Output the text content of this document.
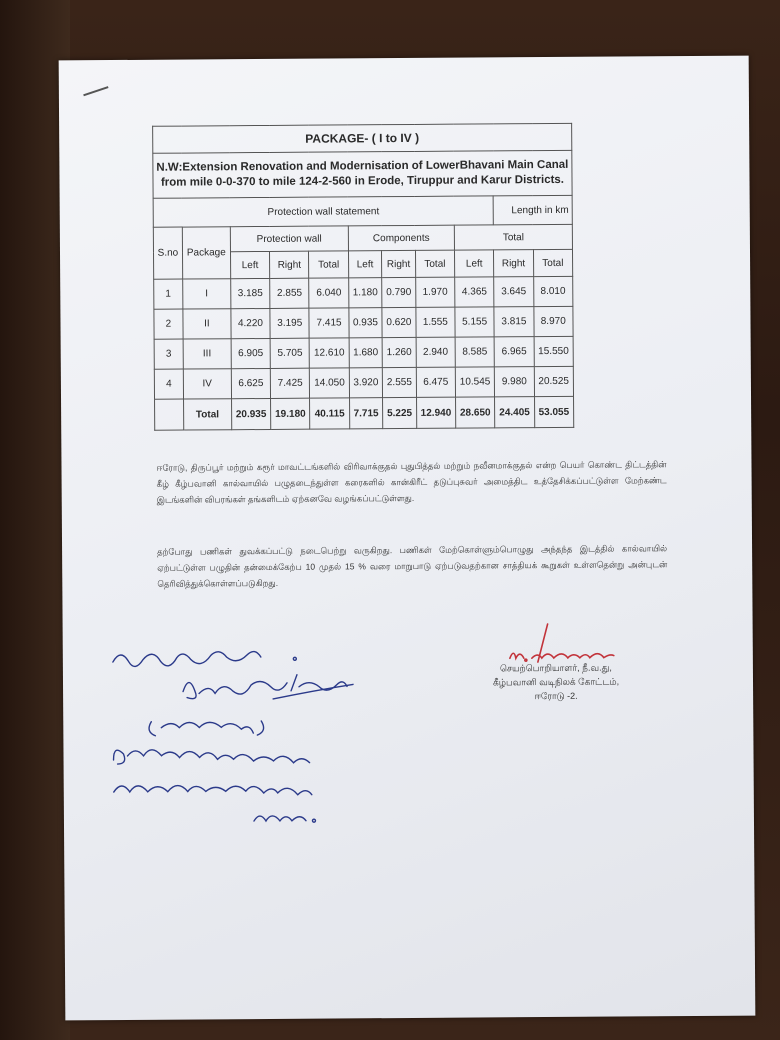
PACKAGE- ( I to IV )										
N.W:Extension Renovation and Modernisation of LowerBhavani Main Canal
from mile 0-0-370 to mile 124-2-560 in Erode, Tiruppur and Karur Districts.										
Protection wall statement									Length in km	
S.no	Package	Protection wall			Components			Total		
		Left	Right	Total	Left	Right	Total	Left	Right	Total
1	I	3.185	2.855	6.040	1.180	0.790	1.970	4.365	3.645	8.010
2	II	4.220	3.195	7.415	0.935	0.620	1.555	5.155	3.815	8.970
3	III	6.905	5.705	12.610	1.680	1.260	2.940	8.585	6.965	15.550
4	IV	6.625	7.425	14.050	3.920	2.555	6.475	10.545	9.980	20.525
	Total	20.935	19.180	40.115	7.715	5.225	12.940	28.650	24.405	53.055
ஈரோடு, திருப்பூர் மற்றும் கரூர் மாவட்டங்களில் விரிவாக்குதல் புதுபித்தல் மற்றும் நவீனமாக்குதல் என்ற பெயர் கொண்ட திட்டத்தின் கீழ் கீழ்பவானி கால்வாயில் பழுதடைந்துள்ள கரைகளில் கான்கிரீட் தடுப்புசுவர் அமைத்திட உத்தேசிக்கப்பட்டுள்ள மேற்கண்ட இடங்களின் விபரங்கள் தங்களிடம் ஏற்கனவே வழங்கப்பட்டுள்ளது.
தற்போது பணிகள் துவக்கப்பட்டு நடைபெற்று வருகிறது. பணிகள் மேற்கொள்ளும்பொழுது அந்தந்த இடத்தில் கால்வாயில் ஏற்பட்டுள்ள பழுதின் தன்மைக்கேற்ப 10 முதல் 15 % வரை மாறுபாடு ஏற்படுவதற்கான சாத்தியக் கூறுகள் உள்ளதென்று அன்புடன் தெரிவித்துக்கொள்ளப்படுகிறது.
செயற்பொறியாளர், நீ.வ.து,
கீழ்பவானி வடிநிலக் கோட்டம்,
ஈரோடு -2.
